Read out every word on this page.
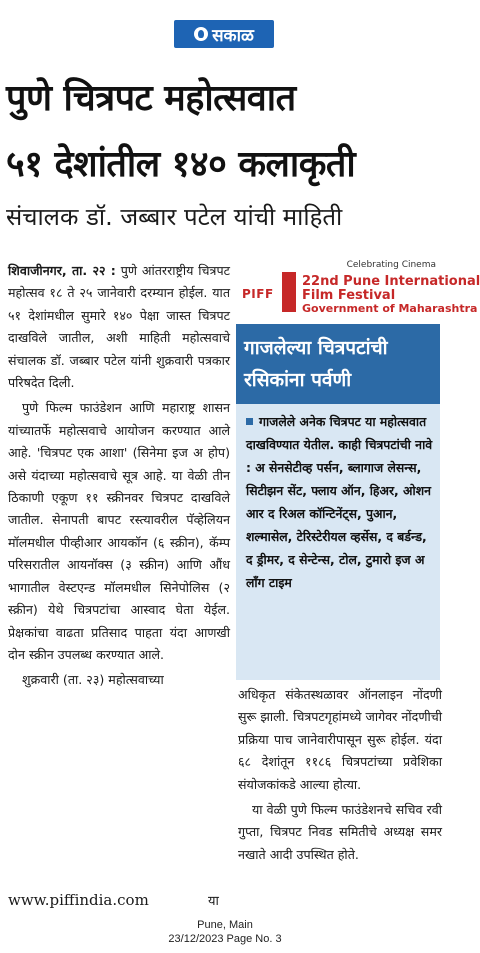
सकाळ
पुणे चित्रपट महोत्सवात
५१ देशांतील १४० कलाकृती
संचालक डॉ. जब्बार पटेल यांची माहिती

शिवाजीनगर, ता. २२ : पुणे आंतरराष्ट्रीय चित्रपट महोत्सव १८ ते २५ जानेवारी दरम्यान होईल. यात ५१ देशांमधील सुमारे १४० पेक्षा जास्त चित्रपट दाखविले जातील, अशी माहिती महोत्सवाचे संचालक डॉ. जब्बार पटेल यांनी शुक्रवारी पत्रकार परिषदेत दिली.

पुणे फिल्म फाउंडेशन आणि महाराष्ट्र शासन यांच्यातर्फे महोत्सवाचे आयोजन करण्यात आले आहे. 'चित्रपट एक आशा' (सिनेमा इज अ होप) असे यंदाच्या महोत्सवाचे सूत्र आहे. या वेळी तीन ठिकाणी एकूण ११ स्क्रीनवर चित्रपट दाखविले जातील. सेनापती बापट रस्त्यावरील पॅव्हेलियन मॉलमधील पीव्हीआर आयकॉन (६ स्क्रीन), कॅम्प परिसरातील आयनॉक्स (३ स्क्रीन) आणि औंध भागातील वेस्टएन्ड मॉलमधील सिनेपोलिस (२ स्क्रीन) येथे चित्रपटांचा आस्वाद घेता येईल. प्रेक्षकांचा वाढता प्रतिसाद पाहता यंदा आणखी दोन स्क्रीन उपलब्ध करण्यात आले.

शुक्रवारी (ता. २३) महोत्सवाच्या

www.piffindia.com	या
PIFF
Celebrating Cinema
22nd Pune International
Film Festival
Government of Maharashtra
गाजलेल्या चित्रपटांची
रसिकांना पर्वणी
गाजलेले अनेक चित्रपट या महोत्सवात दाखविण्यात येतील. काही चित्रपटांची नावे : अ सेनसेटीव्ह पर्सन, ब्लागाज लेसन्स, सिटीझन सेंट, फ्लाय ऑन, हिअर, ओशन आर द रिअल कॉन्टिनेंट्स, पुआन, शल्मासेल, टेरिस्टेरीयल व्हर्सेस, द बर्डन्ड, द ड्रीमर, द सेन्टेन्स, टोल, टुमारो इज अ लाँग टाइम

अधिकृत संकेतस्थळावर ऑनलाइन नोंदणी सुरू झाली. चित्रपटगृहांमध्ये जागेवर नोंदणीची प्रक्रिया पाच जानेवारीपासून सुरू होईल. यंदा ६८ देशांतून ११८६ चित्रपटांच्या प्रवेशिका संयोजकांकडे आल्या होत्या.

या वेळी पुणे फिल्म फाउंडेशनचे सचिव रवी गुप्ता, चित्रपट निवड समितीचे अध्यक्ष समर नखाते आदी उपस्थित होते.

Pune, Main
23/12/2023 Page No. 3
